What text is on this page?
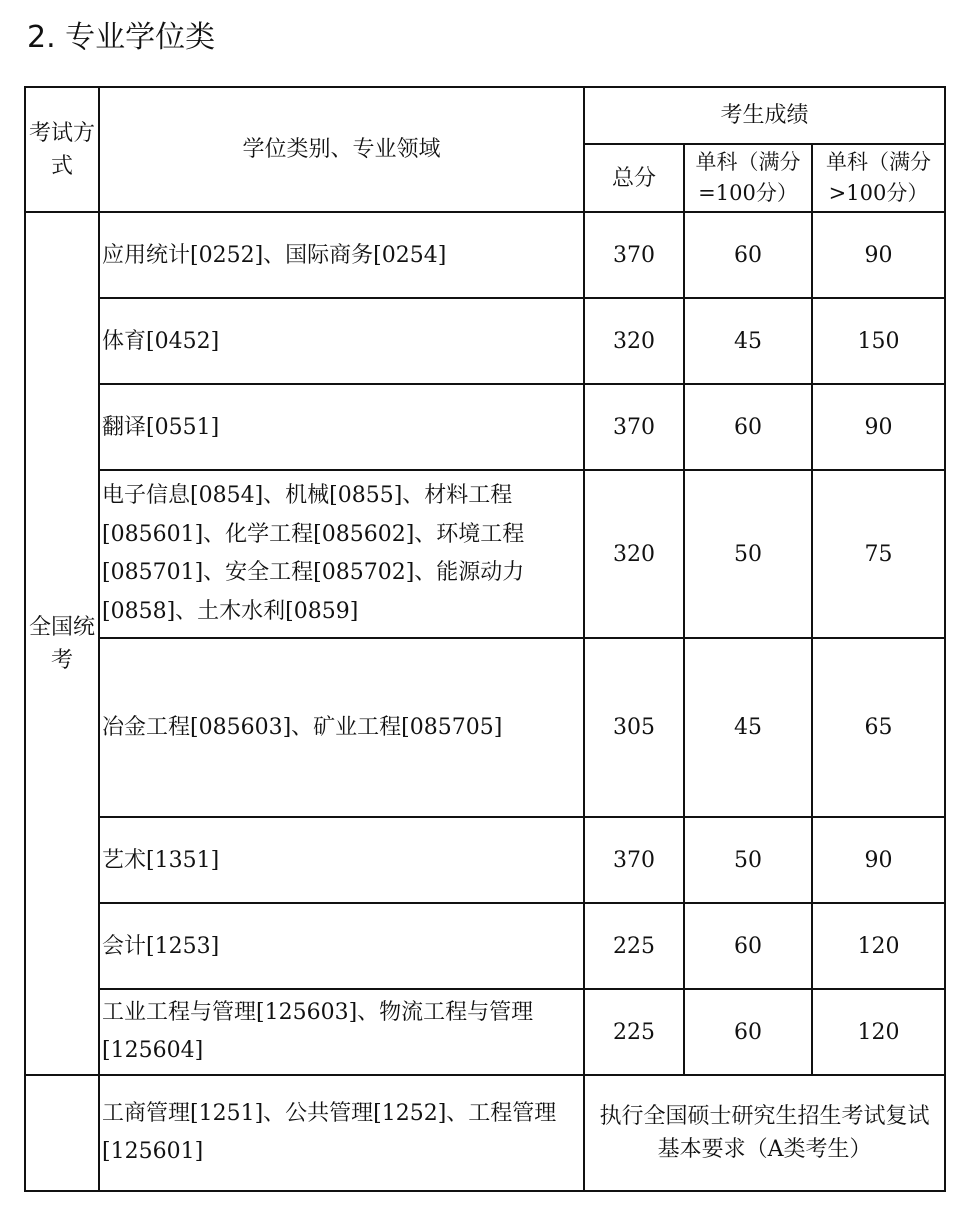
2. 专业学位类
考试方式	学位类别、专业领域	考生成绩		
		总分	单科（满分=100分）	单科（满分>100分）
全国统考	应用统计[0252]、国际商务[0254]	370	60	90
	体育[0452]	320	45	150
	翻译[0551]	370	60	90
	电子信息[0854]、机械[0855]、材料工程[085601]、化学工程[085602]、环境工程[085701]、安全工程[085702]、能源动力[0858]、土木水利[0859]	320	50	75
	冶金工程[085603]、矿业工程[085705]	305	45	65
	艺术[1351]	370	50	90
	会计[1253]	225	60	120
	工业工程与管理[125603]、物流工程与管理[125604]	225	60	120
	工商管理[1251]、公共管理[1252]、工程管理[125601]	执行全国硕士研究生招生考试复试基本要求（A类考生）		
